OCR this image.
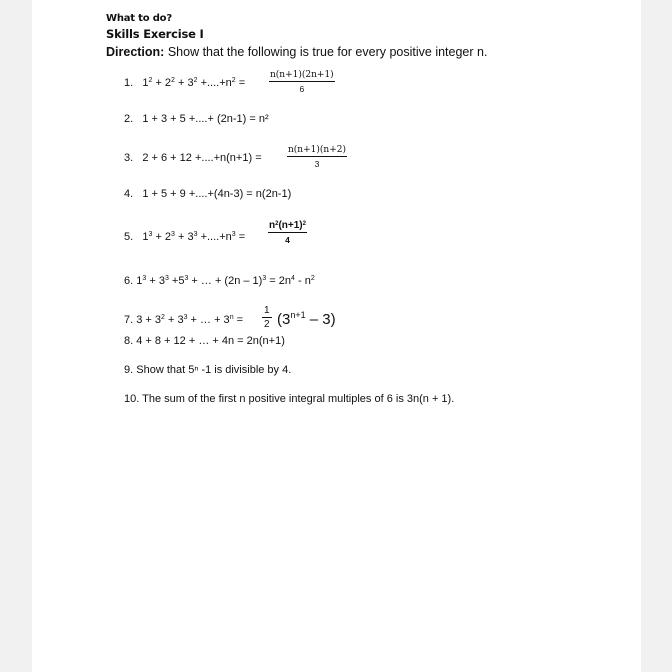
What to do?
Skills Exercise I
Direction: Show that the following is true for every positive integer n.
1.   $1^2 + 2^2 + 3^2 +....+n^2$ =	$\frac{n(n+1)(2n+1)}{6}$
2. 1 + 3 + 5 +....+ (2n-1) = n²
3. 2 + 6 + 12 +....+n(n+1) =	$\frac{n(n+1)(n+2)}{3}$
4. 1 + 5 + 9 +....+(4n-3) = n(2n-1)
5.   $1^3 + 2^3 + 3^3 +....+n^3 = \frac{n^2(n+1)^2}{4}$
6. $1^3 + 3^3 +5^3$ + … + $(2n - 1)^3 = 2n^4 - n^2$
7. $3 + 3^2 + 3^3$ + … + $3^n = \frac{1}{2} (3^{n+1} - 3)$
8. 4 + 8 + 12 + … + 4n = 2n(n+1)
9. Show that 5ⁿ -1 is divisible by 4.
10. The sum of the first n positive integral multiples of 6 is 3n(n + 1).
